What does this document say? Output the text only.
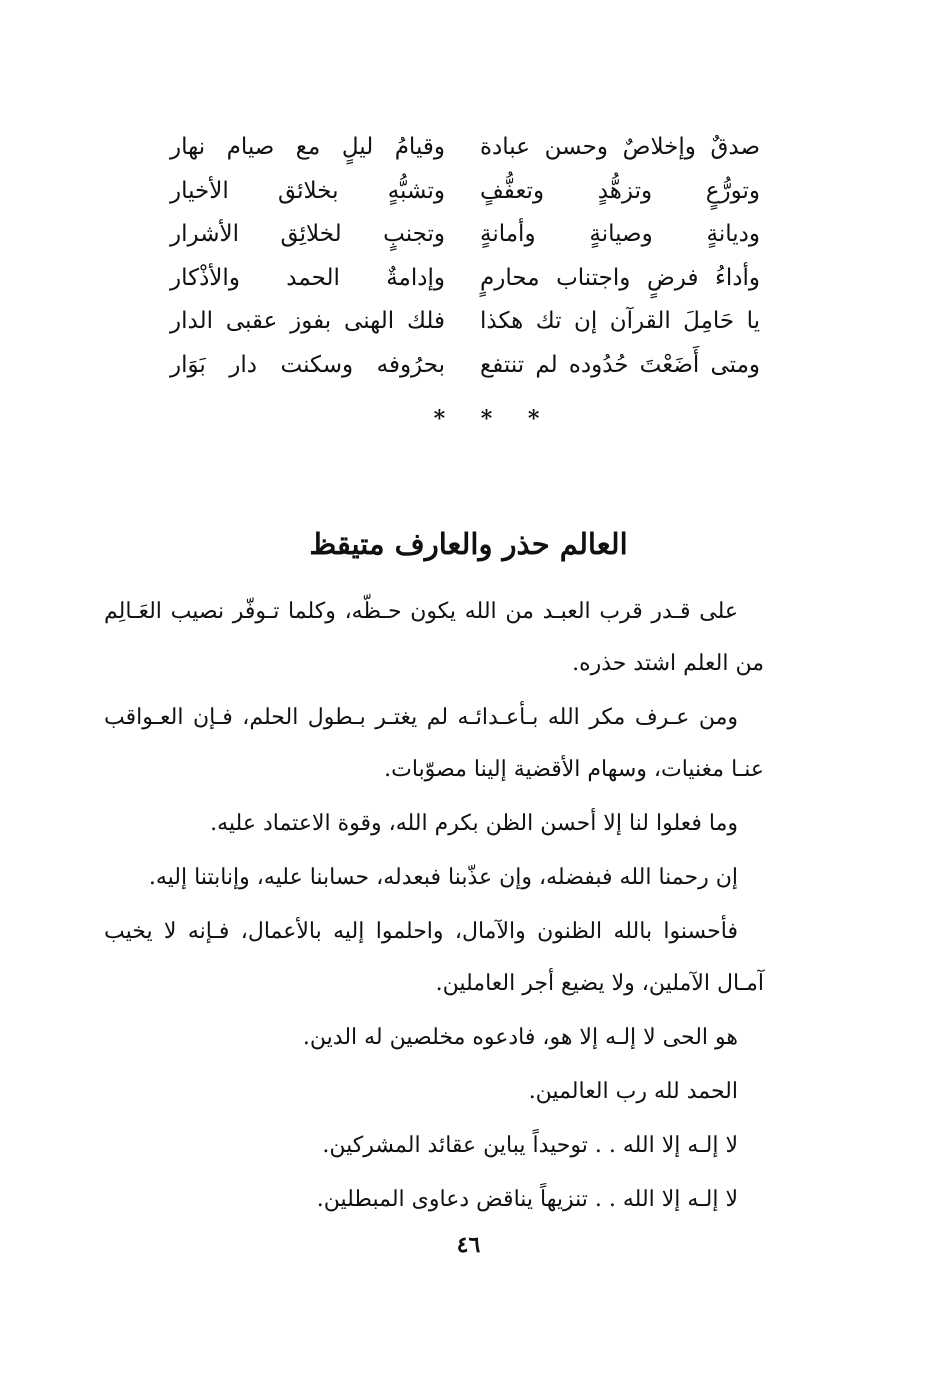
صدقٌ وإخلاصٌ وحسن عبادة
وقيامُ ليلٍ مع صيام نهار
وتورُّعٍ وتزهُّدٍ وتعفُّفٍ
وتشبُّهٍ بخلائق الأخيار
وديانةٍ وصيانةٍ وأمانةٍ
وتجنبٍ لخلائِق الأشرار
وأداءُ فرضٍ واجتناب محارمٍ
وإدامةٌ الحمد والأذْكار
يا حَامِلَ القرآن إن تك هكذا
فلك الهنى بفوز عقبى الدار
ومتى أَضَعْتَ حُدُوده لم تنتفع
بحرُوفه وسكنت دار بَوَار
* * *
العالم حذر والعارف متيقظ

على قـدر قرب العبـد من الله يكون حـظّه، وكلما تـوفّر نصيب العَـالِم من العلم اشتد حذره.

ومن عـرف مكر الله بـأعـدائـه لم يغتـر بـطول الحلم، فـإن العـواقب عنـا مغنيات، وسهام الأقضية إلينا مصوّبات.

وما فعلوا لنا إلا أحسن الظن بكرم الله، وقوة الاعتماد عليه.

إن رحمنا الله فبفضله، وإن عذّبنا فبعدله، حسابنا عليه، وإنابتنا إليه.

فأحسنوا بالله الظنون والآمال، واحلموا إليه بالأعمال، فـإنه لا يخيب آمـال الآملين، ولا يضيع أجر العاملين.

هو الحى لا إلـه إلا هو، فادعوه مخلصين له الدين.

الحمد لله رب العالمين.

لا إلـه إلا الله . . توحيداً يباين عقائد المشركين.

لا إلـه إلا الله . . تنزيهاً يناقض دعاوى المبطلين.

٤٦
